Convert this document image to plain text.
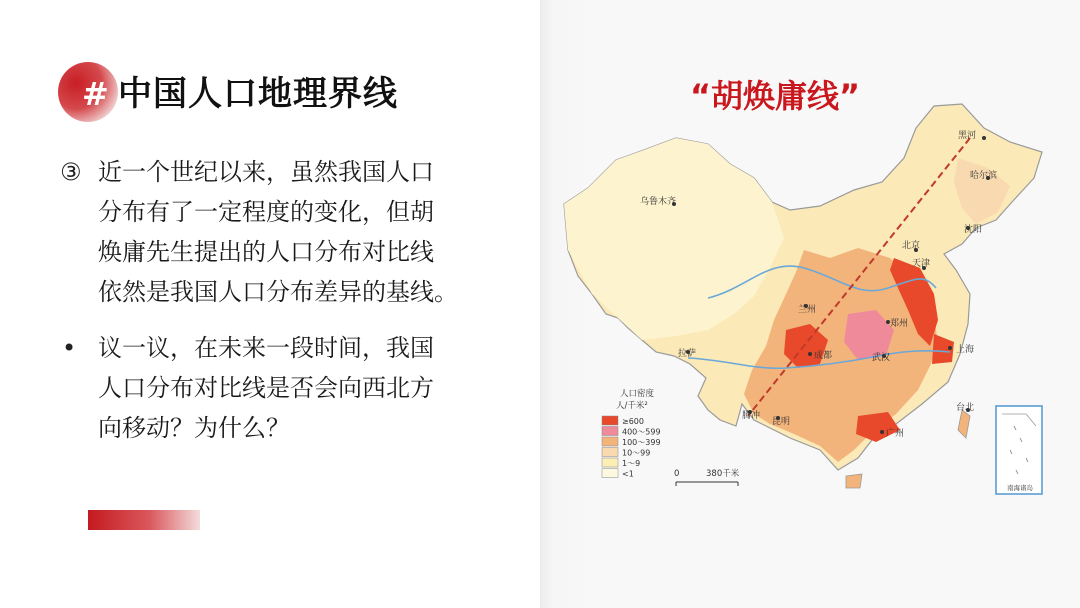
# 中国人口地理界线
③ 近一个世纪以来，虽然我国人口
分布有了一定程度的变化，但胡
焕庸先生提出的人口分布对比线
依然是我国人口分布差异的基线。
• 议一议，在未来一段时间，我国
人口分布对比线是否会向西北方
向移动？为什么？
“胡焕庸线”
黑河
哈尔滨
乌鲁木齐
沈阳
北京
天津
兰州
郑州
拉萨	成都	武汉
上海
腾冲
昆明
台北
广州
人口密度
人/千米²
≥600
400～599
100～399
10～99
1～9
<1	0	380千米
南海诸岛
